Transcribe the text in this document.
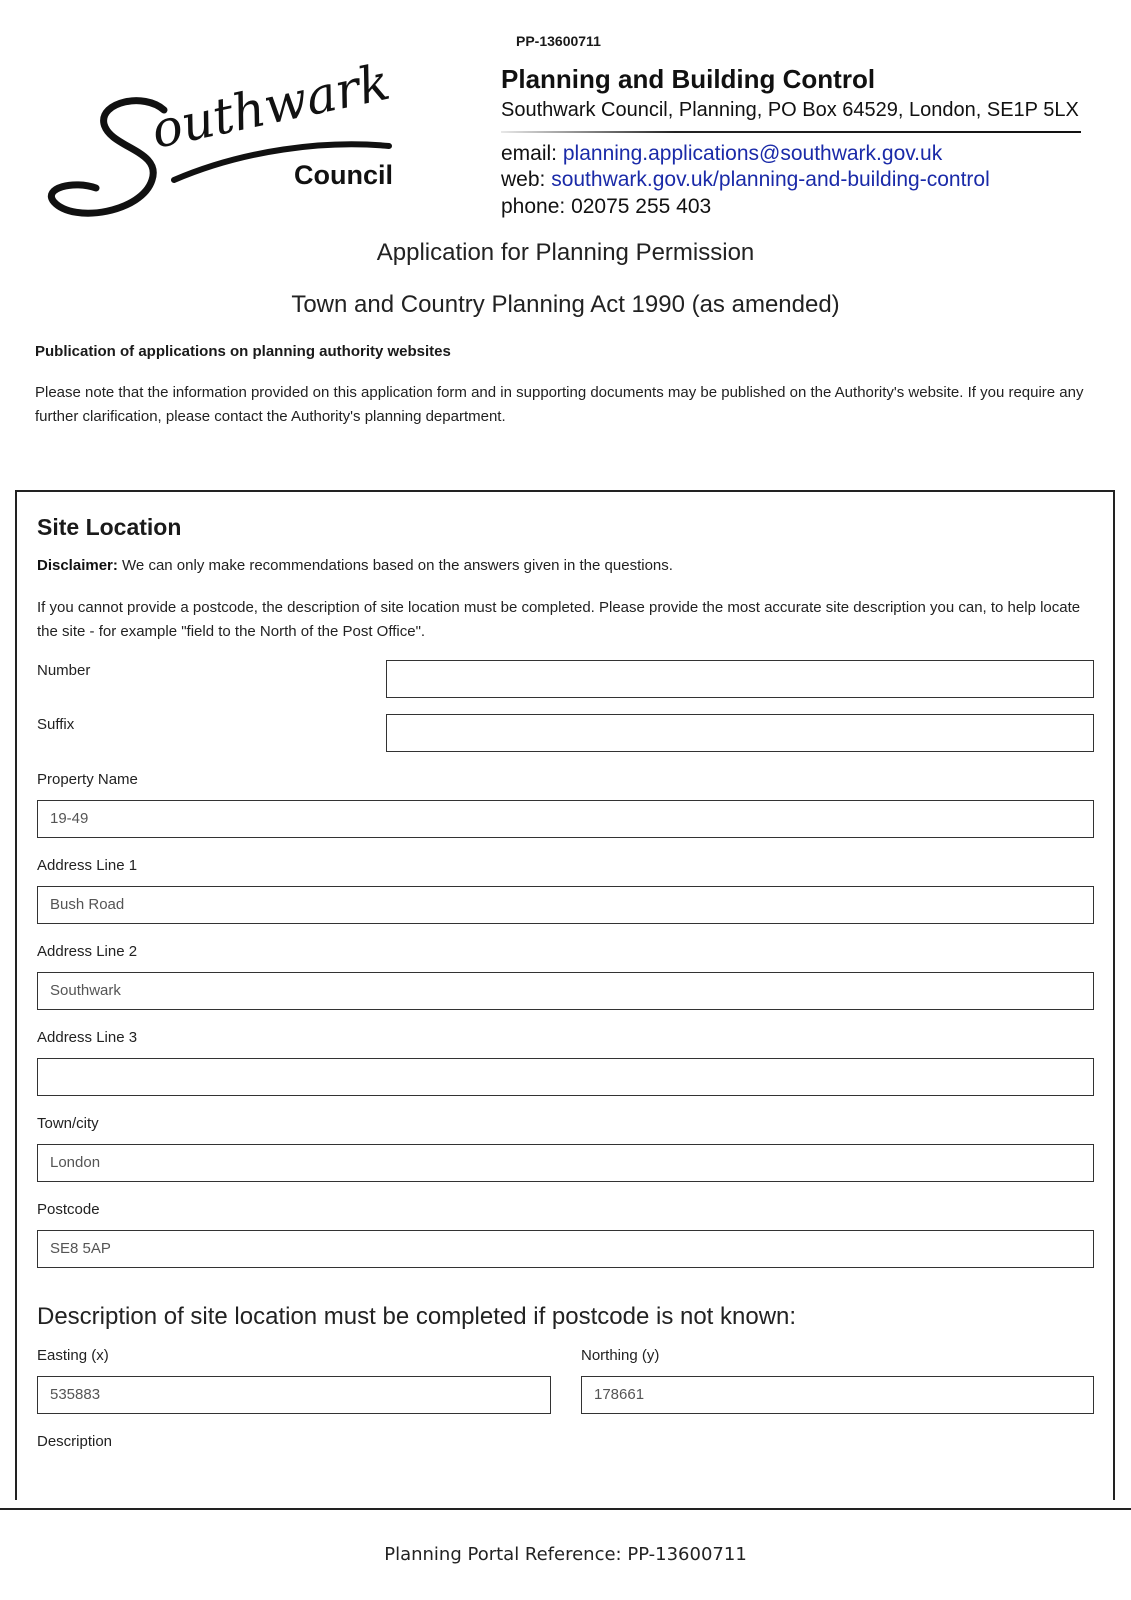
PP-13600711
outhwark
Council
Planning and Building Control
Southwark Council, Planning, PO Box 64529, London, SE1P 5LX
email: planning.applications@southwark.gov.uk
web: southwark.gov.uk/planning-and-building-control
phone: 02075 255 403
Application for Planning Permission
Town and Country Planning Act 1990 (as amended)
Publication of applications on planning authority websites
Please note that the information provided on this application form and in supporting documents may be published on the Authority's website. If you require any further clarification, please contact the Authority's planning department.
Site Location
Disclaimer: We can only make recommendations based on the answers given in the questions.
If you cannot provide a postcode, the description of site location must be completed. Please provide the most accurate site description you can, to help locate the site - for example "field to the North of the Post Office".
Number
Suffix
Property Name
19-49
Address Line 1
Bush Road
Address Line 2
Southwark
Address Line 3
Town/city
London
Postcode
SE8 5AP
Description of site location must be completed if postcode is not known:
Easting (x)
535883
Northing (y)
178661
Description
Planning Portal Reference: PP-13600711
